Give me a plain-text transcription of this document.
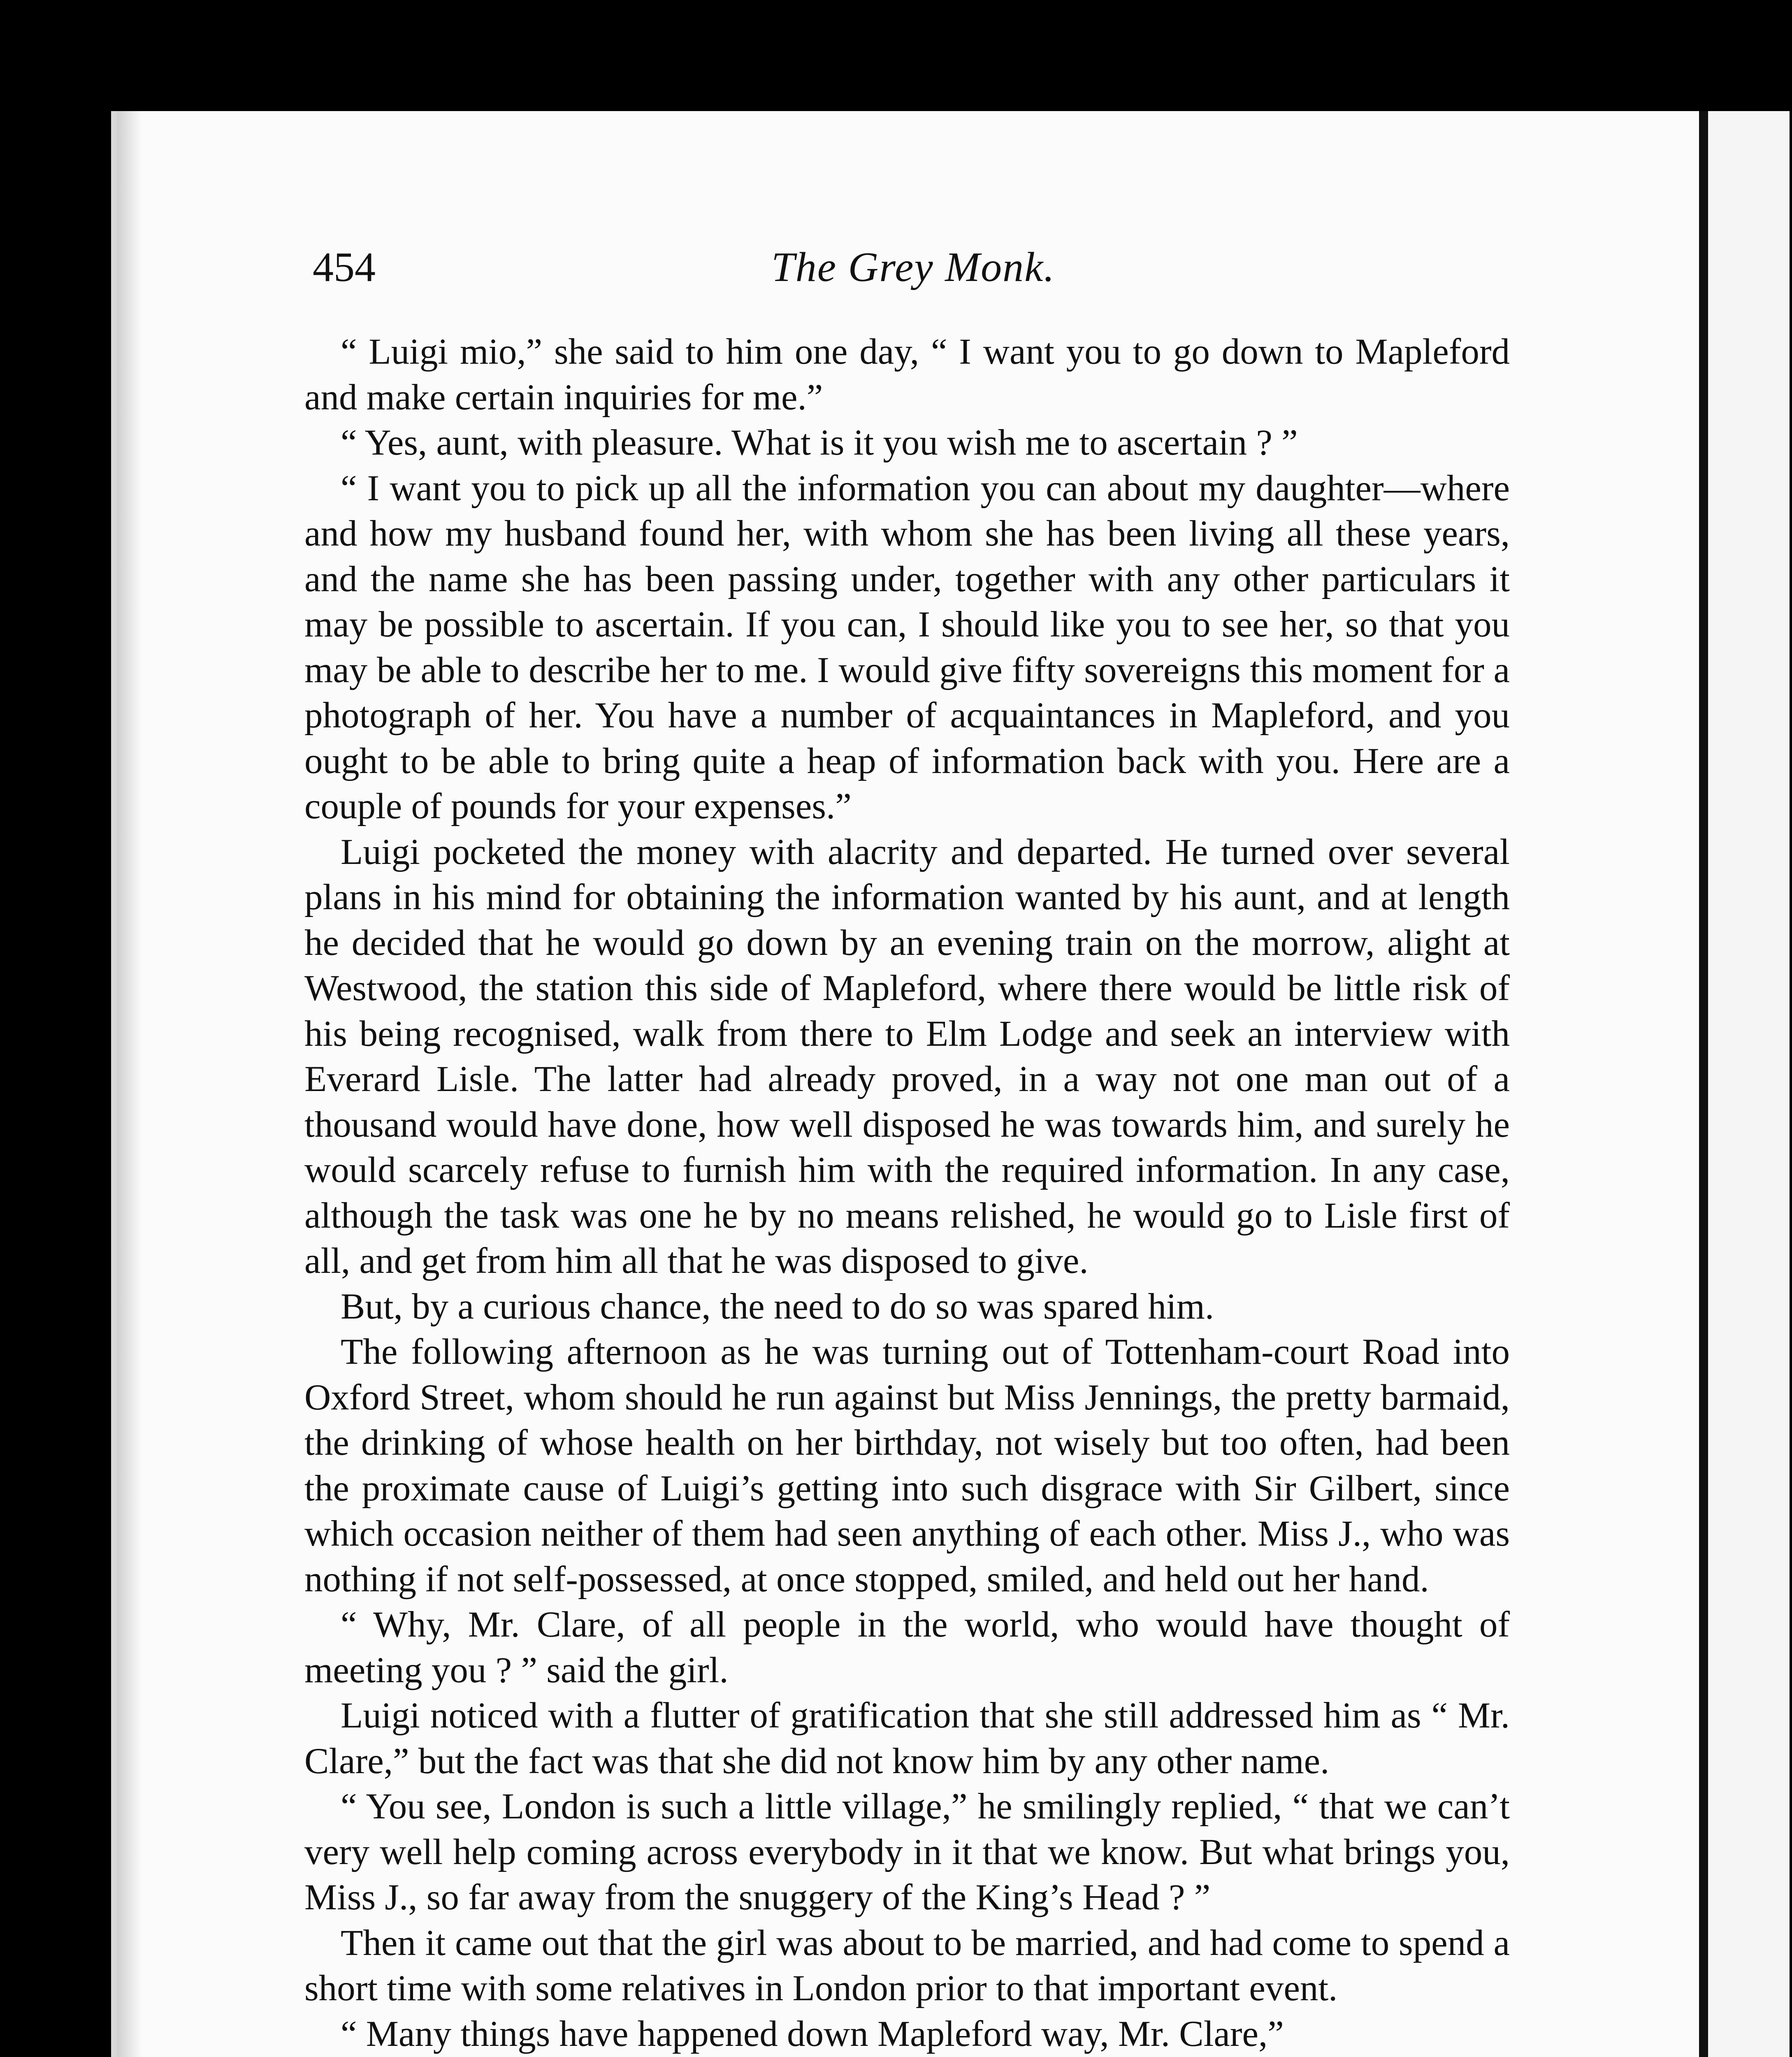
454	The Grey Monk.

“ Luigi mio,” she said to him one day, “ I want you to go down to Mapleford and make certain inquiries for me.”

“ Yes, aunt, with pleasure. What is it you wish me to ascertain ? ”

“ I want you to pick up all the information you can about my daughter—where and how my husband found her, with whom she has been living all these years, and the name she has been passing under, together with any other particulars it may be possible to ascertain. If you can, I should like you to see her, so that you may be able to describe her to me. I would give fifty sovereigns this moment for a photograph of her. You have a number of acquaintances in Mapleford, and you ought to be able to bring quite a heap of information back with you. Here are a couple of pounds for your expenses.”

Luigi pocketed the money with alacrity and departed. He turned over several plans in his mind for obtaining the information wanted by his aunt, and at length he decided that he would go down by an evening train on the morrow, alight at Westwood, the station this side of Mapleford, where there would be little risk of his being recognised, walk from there to Elm Lodge and seek an interview with Everard Lisle. The latter had already proved, in a way not one man out of a thousand would have done, how well disposed he was towards him, and surely he would scarcely refuse to furnish him with the required information. In any case, although the task was one he by no means relished, he would go to Lisle first of all, and get from him all that he was disposed to give.

But, by a curious chance, the need to do so was spared him.

The following afternoon as he was turning out of Tottenham-court Road into Oxford Street, whom should he run against but Miss Jennings, the pretty barmaid, the drinking of whose health on her birthday, not wisely but too often, had been the proximate cause of Luigi’s getting into such disgrace with Sir Gilbert, since which occasion neither of them had seen anything of each other. Miss J., who was nothing if not self-possessed, at once stopped, smiled, and held out her hand.

“ Why, Mr. Clare, of all people in the world, who would have thought of meeting you ? ” said the girl.

Luigi noticed with a flutter of gratification that she still addressed him as “ Mr. Clare,” but the fact was that she did not know him by any other name.

“ You see, London is such a little village,” he smilingly replied, “ that we can’t very well help coming across everybody in it that we know. But what brings you, Miss J., so far away from the snuggery of the King’s Head ? ”

Then it came out that the girl was about to be married, and had come to spend a short time with some relatives in London prior to that important event.

“ Many things have happened down Mapleford way, Mr. Clare,”
